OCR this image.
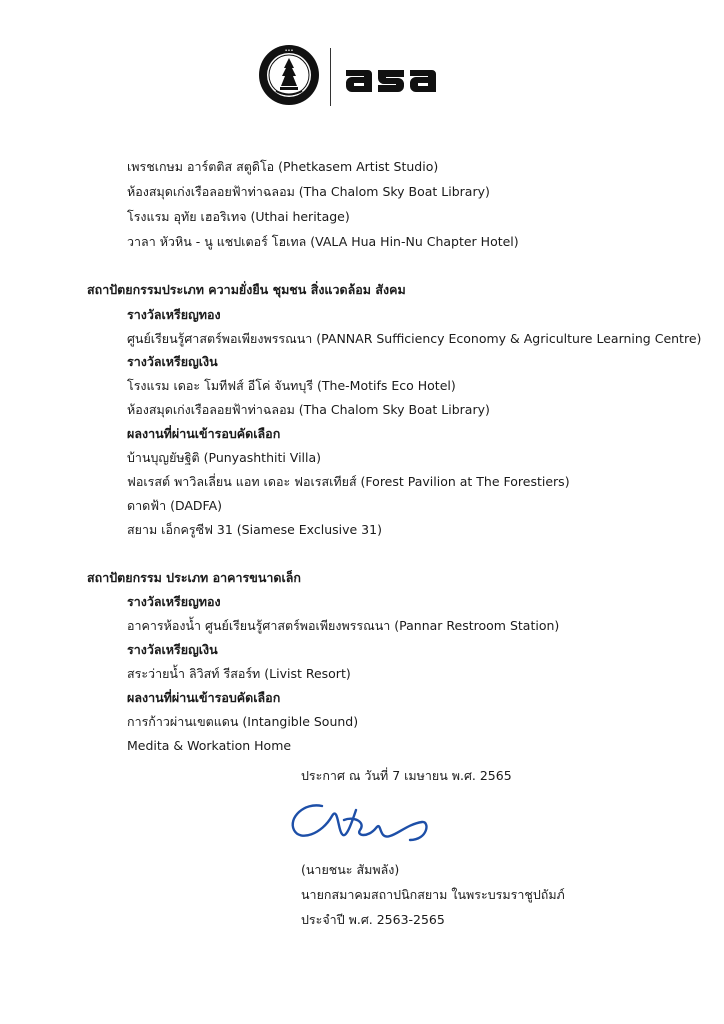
•••
เพรชเกษม อาร์ตติส สตูดิโอ (Phetkasem Artist Studio)
ห้องสมุดเก่งเรือลอยฟ้าท่าฉลอม (Tha Chalom Sky Boat Library)
โรงแรม อุทัย เฮอริเทจ (Uthai heritage)
วาลา หัวหิน - นู แชปเตอร์ โฮเทล (VALA Hua Hin-Nu Chapter Hotel)
สถาปัตยกรรมประเภท ความยั่งยืน ชุมชน สิ่งแวดล้อม สังคม
รางวัลเหรียญทอง
ศูนย์เรียนรู้ศาสตร์พอเพียงพรรณนา (PANNAR Sufficiency Economy & Agriculture Learning Centre)
รางวัลเหรียญเงิน
โรงแรม เดอะ โมทีฟส์ อีโค่ จันทบุรี (The-Motifs Eco Hotel)
ห้องสมุดเก่งเรือลอยฟ้าท่าฉลอม (Tha Chalom Sky Boat Library)
ผลงานที่ผ่านเข้ารอบคัดเลือก
บ้านบุญยัษฐิติ (Punyashthiti Villa)
ฟอเรสต์ พาวิลเลี่ยน แอท เดอะ ฟอเรสเทียส์ (Forest Pavilion at The Forestiers)
ดาดฟ้า (DADFA)
สยาม เอ็กครูซีฟ 31 (Siamese Exclusive 31)
สถาปัตยกรรม ประเภท อาคารขนาดเล็ก
รางวัลเหรียญทอง
อาคารห้องน้ำ ศูนย์เรียนรู้ศาสตร์พอเพียงพรรณนา (Pannar Restroom Station)
รางวัลเหรียญเงิน
สระว่ายน้ำ ลิวิสท์ รีสอร์ท (Livist Resort)
ผลงานที่ผ่านเข้ารอบคัดเลือก
การก้าวผ่านเขตแดน (Intangible Sound)
Medita & Workation Home
ประกาศ ณ วันที่ 7 เมษายน พ.ศ. 2565
(นายชนะ สัมพลัง)
นายกสมาคมสถาปนิกสยาม ในพระบรมราชูปถัมภ์
ประจำปี พ.ศ. 2563-2565
